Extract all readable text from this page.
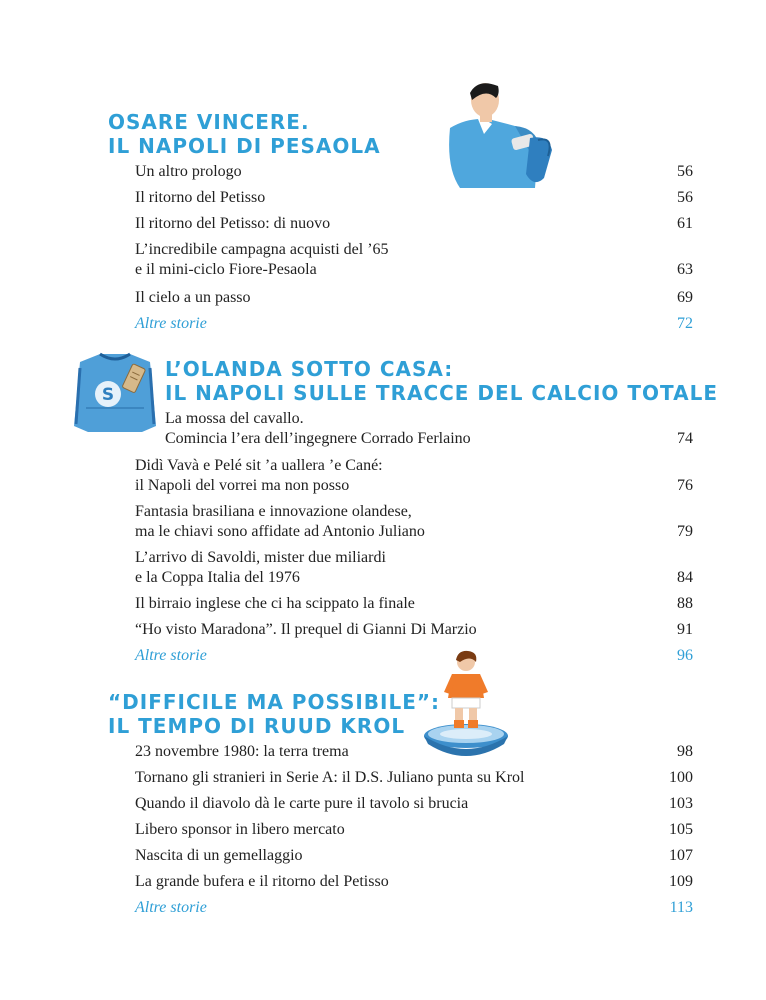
OSARE VINCERE.
IL NAPOLI DI PESAOLA
Un altro prologo	56
Il ritorno del Petisso	56
Il ritorno del Petisso: di nuovo	61
L’incredibile campagna acquisti del ’65
e il mini-ciclo Fiore-Pesaola	63
Il cielo a un passo	69
Altre storie	72
S
L’OLANDA SOTTO CASA:
IL NAPOLI SULLE TRACCE DEL CALCIO TOTALE
La mossa del cavallo.
Comincia l’era dell’ingegnere Corrado Ferlaino	74
Didì Vavà e Pelé sit ’a uallera ’e Cané:
il Napoli del vorrei ma non posso	76
Fantasia brasiliana e innovazione olandese,
ma le chiavi sono affidate ad Antonio Juliano	79
L’arrivo di Savoldi, mister due miliardi
e la Coppa Italia del 1976	84
Il birraio inglese che ci ha scippato la finale	88
“Ho visto Maradona”. Il prequel di Gianni Di Marzio	91
Altre storie	96
“DIFFICILE MA POSSIBILE”:
IL TEMPO DI RUUD KROL
23 novembre 1980: la terra trema	98
Tornano gli stranieri in Serie A: il D.S. Juliano punta su Krol	100
Quando il diavolo dà le carte pure il tavolo si brucia	103
Libero sponsor in libero mercato	105
Nascita di un gemellaggio	107
La grande bufera e il ritorno del Petisso	109
Altre storie	113
